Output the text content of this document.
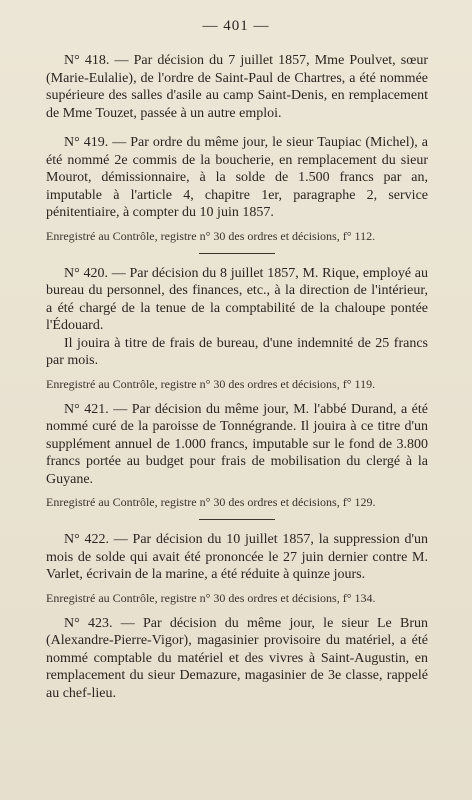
— 401 —

N° 418. — Par décision du 7 juillet 1857, Mme Poulvet, sœur (Marie-Eulalie), de l'ordre de Saint-Paul de Chartres, a été nommée supérieure des salles d'asile au camp Saint-Denis, en remplacement de Mme Touzet, passée à un autre emploi.

N° 419. — Par ordre du même jour, le sieur Taupiac (Michel), a été nommé 2e commis de la boucherie, en remplacement du sieur Mourot, démissionnaire, à la solde de 1.500 francs par an, imputable à l'article 4, chapitre 1er, paragraphe 2, service pénitentiaire, à compter du 10 juin 1857.

Enregistré au Contrôle, registre n° 30 des ordres et décisions, f° 112.

N° 420. — Par décision du 8 juillet 1857, M. Rique, employé au bureau du personnel, des finances, etc., à la direction de l'intérieur, a été chargé de la tenue de la comptabilité de la chaloupe pontée l'Édouard.

Il jouira à titre de frais de bureau, d'une indemnité de 25 francs par mois.

Enregistré au Contrôle, registre n° 30 des ordres et décisions, f° 119.

N° 421. — Par décision du même jour, M. l'abbé Durand, a été nommé curé de la paroisse de Tonnégrande. Il jouira à ce titre d'un supplément annuel de 1.000 francs, imputable sur le fond de 3.800 francs portée au budget pour frais de mobilisation du clergé à la Guyane.

Enregistré au Contrôle, registre n° 30 des ordres et décisions, f° 129.

N° 422. — Par décision du 10 juillet 1857, la suppression d'un mois de solde qui avait été prononcée le 27 juin dernier contre M. Varlet, écrivain de la marine, a été réduite à quinze jours.

Enregistré au Contrôle, registre n° 30 des ordres et décisions, f° 134.

N° 423. — Par décision du même jour, le sieur Le Brun (Alexandre-Pierre-Vigor), magasinier provisoire du matériel, a été nommé comptable du matériel et des vivres à Saint-Augustin, en remplacement du sieur Demazure, magasinier de 3e classe, rappelé au chef-lieu.
